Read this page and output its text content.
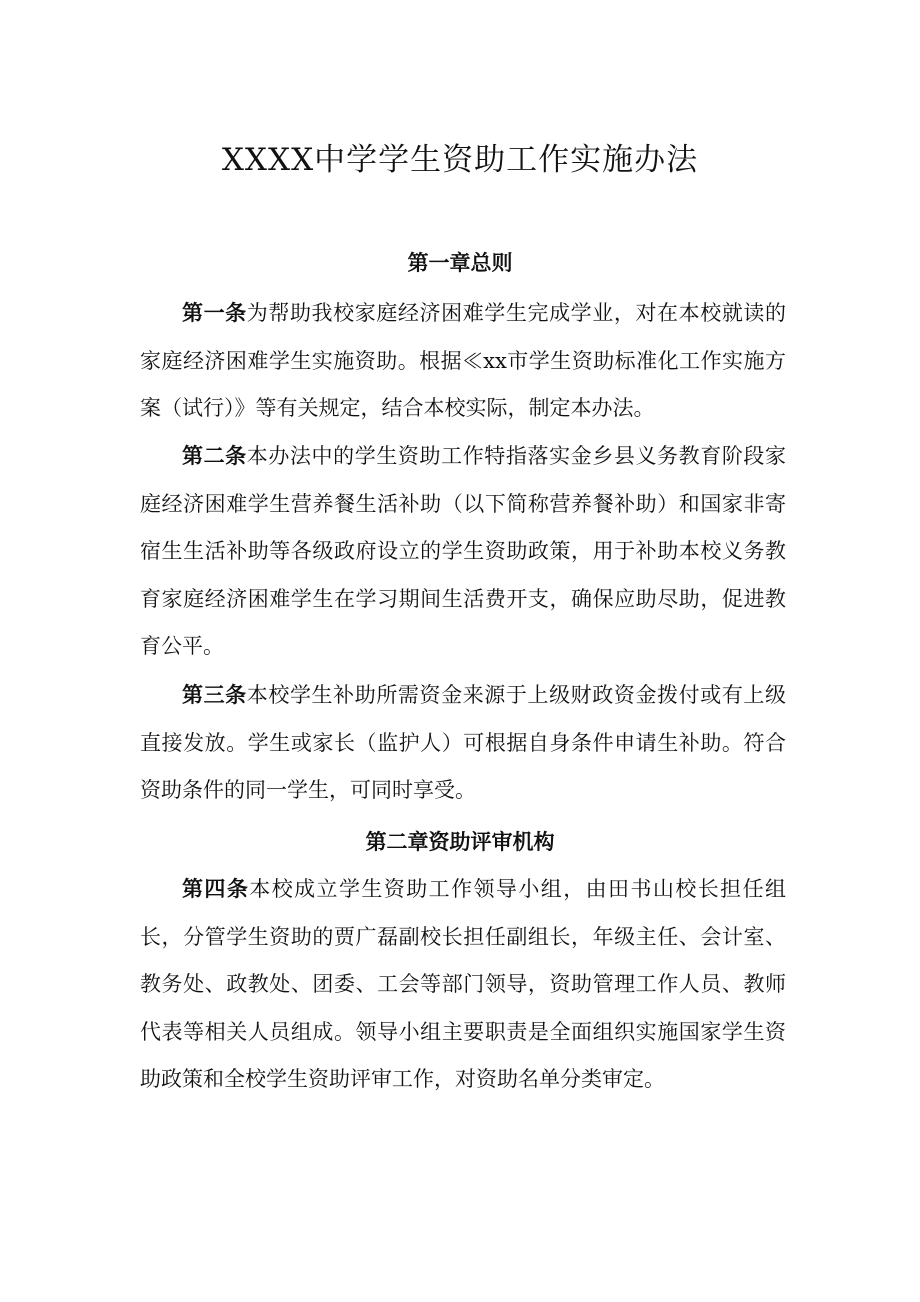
XXXX中学学生资助工作实施办法
第一章总则

第一条为帮助我校家庭经济困难学生完成学业，对在本校就读的家庭经济困难学生实施资助。根据≪xx市学生资助标准化工作实施方案（试行）》等有关规定，结合本校实际，制定本办法。

第二条本办法中的学生资助工作特指落实金乡县义务教育阶段家庭经济困难学生营养餐生活补助（以下简称营养餐补助）和国家非寄宿生生活补助等各级政府设立的学生资助政策，用于补助本校义务教育家庭经济困难学生在学习期间生活费开支，确保应助尽助，促进教育公平。

第三条本校学生补助所需资金来源于上级财政资金拨付或有上级直接发放。学生或家长（监护人）可根据自身条件申请生补助。符合资助条件的同一学生，可同时享受。

第二章资助评审机构

第四条本校成立学生资助工作领导小组，由田书山校长担任组长，分管学生资助的贾广磊副校长担任副组长，年级主任、会计室、教务处、政教处、团委、工会等部门领导，资助管理工作人员、教师代表等相关人员组成。领导小组主要职责是全面组织实施国家学生资助政策和全校学生资助评审工作，对资助名单分类审定。
